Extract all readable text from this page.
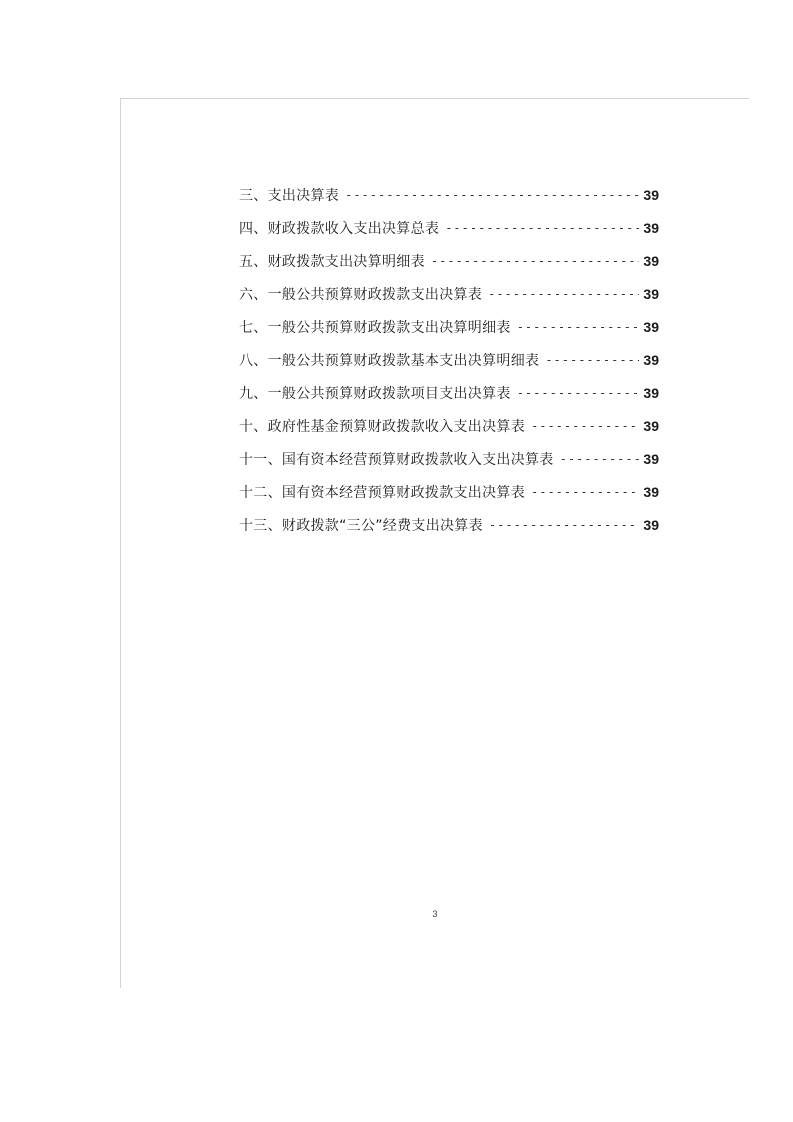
三、支出决算表 -----	39
四、财政拨款收入支出决算总表 -----	39
五、财政拨款支出决算明细表 -----	39
六、一般公共预算财政拨款支出决算表 -----	39
七、一般公共预算财政拨款支出决算明细表 -----	39
八、一般公共预算财政拨款基本支出决算明细表 -----	39
九、一般公共预算财政拨款项目支出决算表 -----	39
十、政府性基金预算财政拨款收入支出决算表 -----	39
十一、国有资本经营预算财政拨款收入支出决算表 -----	39
十二、国有资本经营预算财政拨款支出决算表 -----	39
十三、财政拨款“三公”经费支出决算表 -----	39
3
